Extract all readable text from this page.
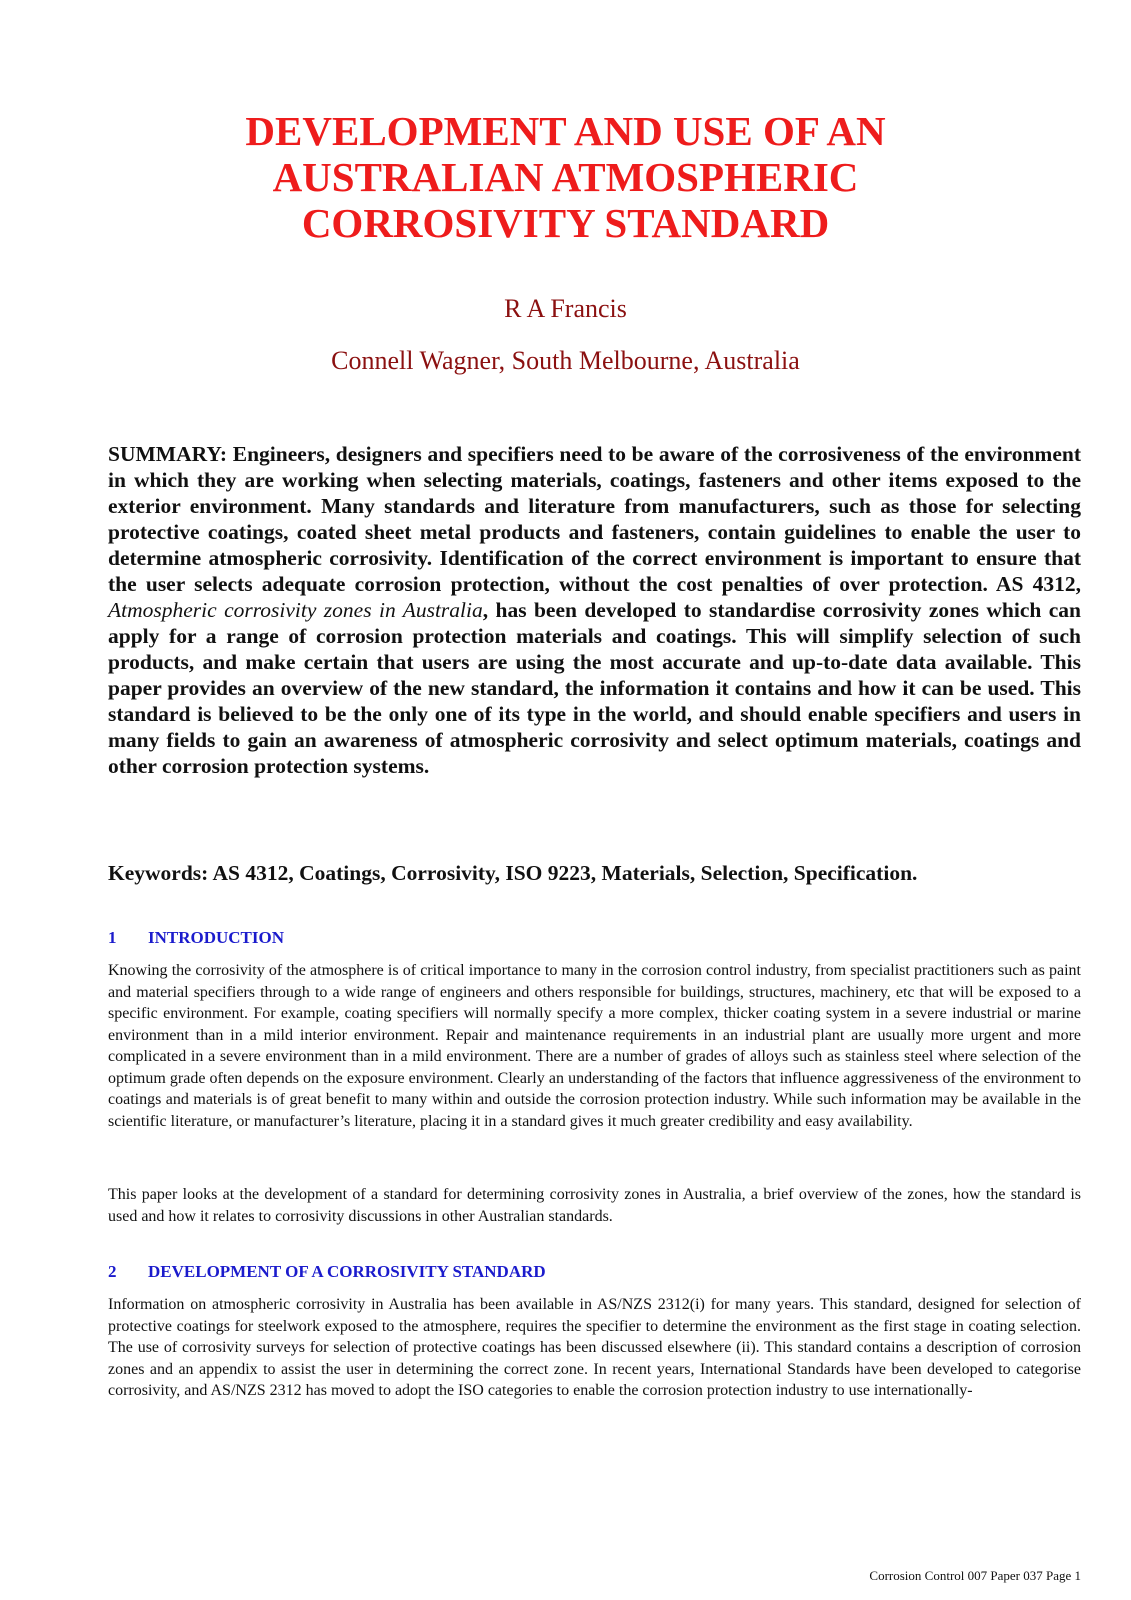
DEVELOPMENT AND USE OF AN
AUSTRALIAN ATMOSPHERIC
CORROSIVITY STANDARD
R A Francis
Connell Wagner, South Melbourne, Australia

SUMMARY: Engineers, designers and specifiers need to be aware of the corrosiveness of the environment in which they are working when selecting materials, coatings, fasteners and other items exposed to the exterior environment. Many standards and literature from manufacturers, such as those for selecting protective coatings, coated sheet metal products and fasteners, contain guidelines to enable the user to determine atmospheric corrosivity. Identification of the correct environment is important to ensure that the user selects adequate corrosion protection, without the cost penalties of over protection. AS 4312, Atmospheric corrosivity zones in Australia, has been developed to standardise corrosivity zones which can apply for a range of corrosion protection materials and coatings. This will simplify selection of such products, and make certain that users are using the most accurate and up-to-date data available. This paper provides an overview of the new standard, the information it contains and how it can be used. This standard is believed to be the only one of its type in the world, and should enable specifiers and users in many fields to gain an awareness of atmospheric corrosivity and select optimum materials, coatings and other corrosion protection systems.

Keywords: AS 4312, Coatings, Corrosivity, ISO 9223, Materials, Selection, Specification.

1 INTRODUCTION

Knowing the corrosivity of the atmosphere is of critical importance to many in the corrosion control industry, from specialist practitioners such as paint and material specifiers through to a wide range of engineers and others responsible for buildings, structures, machinery, etc that will be exposed to a specific environment. For example, coating specifiers will normally specify a more complex, thicker coating system in a severe industrial or marine environment than in a mild interior environment. Repair and maintenance requirements in an industrial plant are usually more urgent and more complicated in a severe environment than in a mild environment. There are a number of grades of alloys such as stainless steel where selection of the optimum grade often depends on the exposure environment. Clearly an understanding of the factors that influence aggressiveness of the environment to coatings and materials is of great benefit to many within and outside the corrosion protection industry. While such information may be available in the scientific literature, or manufacturer’s literature, placing it in a standard gives it much greater credibility and easy availability.

This paper looks at the development of a standard for determining corrosivity zones in Australia, a brief overview of the zones, how the standard is used and how it relates to corrosivity discussions in other Australian standards.

2 DEVELOPMENT OF A CORROSIVITY STANDARD

Information on atmospheric corrosivity in Australia has been available in AS/NZS 2312(i) for many years. This standard, designed for selection of protective coatings for steelwork exposed to the atmosphere, requires the specifier to determine the environment as the first stage in coating selection. The use of corrosivity surveys for selection of protective coatings has been discussed elsewhere (ii). This standard contains a description of corrosion zones and an appendix to assist the user in determining the correct zone. In recent years, International Standards have been developed to categorise corrosivity, and AS/NZS 2312 has moved to adopt the ISO categories to enable the corrosion protection industry to use internationally-

Corrosion Control 007 Paper 037 Page 1
